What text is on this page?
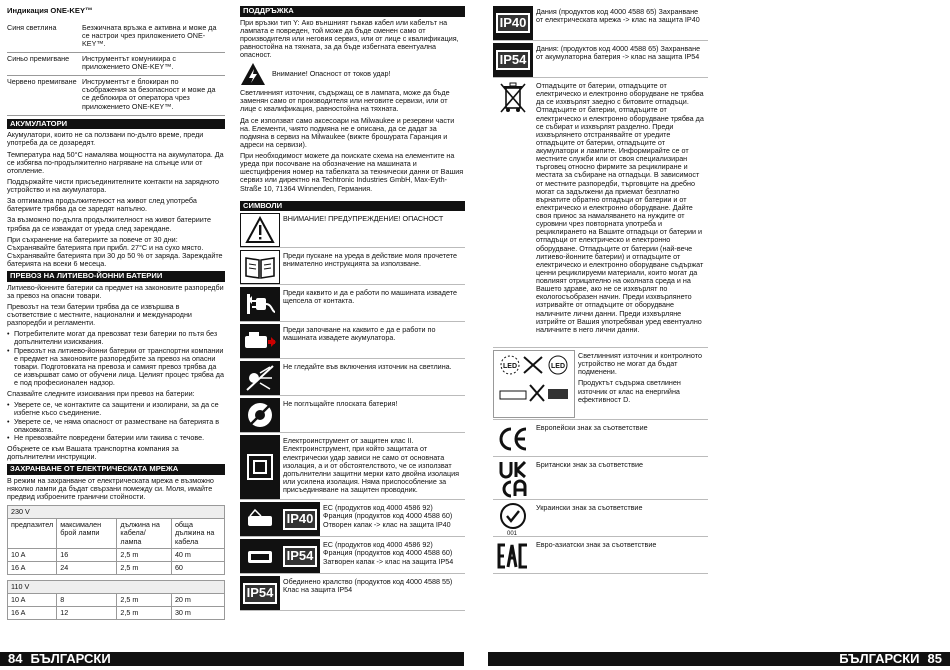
Индикация ONE-KEY™
Синя светлина	Безжичната връзка е активна и може да се настрои чрез приложението ONE-KEY™.
Синьо премигване	Инструментът комуникира с приложението ONE-KEY™.
Червено премигване Инструментът е блокиран по съображения за безопасност и може да се деблокира от оператора чрез приложението ONE-KEY™.
АКУМУЛАТОРИ

Акумулатори, които не са ползвани по-дълго време, преди употреба да се дозаредят.

Температура над 50°C намалява мощността на акумулатора. Да се избягва по-продължително нагряване на слънце или от отопление.

Поддържайте чисти присъединителните контакти на зарядното устройство и на акумулатора.

За оптимална продължителност на живот след употреба батериите трябва да се заредят напълно.

За възможно по-дълга продължителност на живот батериите трябва да се изваждат от уреда след зареждане.

При съхранение на батериите за повече от 30 дни: Съхранявайте батерията при прибл. 27°C и на сухо място. Съхранявайте батерията при 30 до 50 % от заряда. Зареждайте батерията на всеки 6 месеца.

ПРЕВОЗ НА ЛИТИЕВО-ЙОННИ БАТЕРИИ

Литиево-йонните батерии са предмет на законовите разпоредби за превоз на опасни товари.

Превозът на тези батерии трябва да се извършва в съответствие с местните, национални и международни разпоредби и регламенти.

• Потребителите могат да превозват тези батерии по пътя без допълнителни изисквания.
• Превозът на литиево-йонни батерии от транспортни компании е предмет на законовите разпоредбите за превоз на опасни товари. Подготовката на превоза и самият превоз трябва да се извършват само от обучени лица. Целият процес трябва да е под професионален надзор.

Спазвайте следните изисквания при превоз на батерии:

• Уверете се, че контактите са защитени и изолирани, за да се избегне късо съединение.
• Уверете се, че няма опасност от разместване на батерията в опаковката.
• Не превозвайте повредени батерии или такива с течове.

Обърнете се към Вашата транспортна компания за допълнителни инструкции.

ЗАХРАНВАНЕ ОТ ЕЛЕКТРИЧЕСКАТА МРЕЖА

В режим на захранване от електрическата мрежа е възможно няколко лампи да бъдат свързани помежду си. Моля, имайте предвид изброените гранични стойности.

230 V			
предпазител	максимален брой лампи	дължина на кабела/ лампа	обща дължина на кабела
10 A	16	2,5 m	40 m
16 A	24	2,5 m	60

110 V			
10 A	8	2,5 m	20 m
16 A	12	2,5 m	30 m
ПОДДРЪЖКА

При връзки тип Y: Ако външният гъвкав кабел или кабелът на лампата е повреден, той може да бъде сменен само от производителя или неговия сервиз, или от лице с квалификация, равностойна на тяхната, за да бъде избегната евентуална опасност.

Внимание! Опасност от токов удар!

Светлинният източник, съдържащ се в лампата, може да бъде заменян само от производителя или неговите сервизи, или от лице с квалификация, равностойна на тяхната.

Да се използват само аксесоари на Milwaukee и резервни части на. Елементи, чиято подмяна не е описана, да се дадат за подмяна в сервиз на Milwaukee (вижте брошурата Гаранция и адреси на сервизи).

При необходимост можете да поискате схема на елементите на уреда при посочване на обозначение на машината и шестцифрения номер на табелката за технически данни от Вашия сервиз или директно на Techtronic Industries GmbH, Max-Eyth-Straße 10, 71364 Winnenden, Германия.

СИМВОЛИ
ВНИМАНИЕ! ПРЕДУПРЕЖДЕНИЕ! ОПАСНОСТ
Преди пускане на уреда в действие моля прочетете внимателно инструкцията за използване.
Преди каквито и да е работи по машината извадете щепсела от контакта.
Преди започване на каквито е да е работи по машината извадете акумулатора.
Не гледайте във включения източник на светлина.
Не поглъщайте плоската батерия!
Електроинструмент от защитен клас II. Електроинструмент, при който защитата от електрически удар зависи не само от основната изолация, а и от обстоятелството, че се използват допълнителни защитни мерки като двойна изолация или усилена изолация. Няма приспособление за присъединяване на защитен проводник.
IP40
ЕС (продуктов код 4000 4586 92) Франция (продуктов код 4000 4588 60) Отворен капак -> клас на защита IP40
IP54
ЕС (продуктов код 4000 4586 92) Франция (продуктов код 4000 4588 60) Затворен капак -> клас на защита IP54
IP54
Обединено кралство (продуктов код 4000 4588 55) Клас на защита IP54
IP40
Дания (продуктов код 4000 4588 65) Захранване от електрическата мрежа -> клас на защита IP40
IP54
Дания: (продуктов код 4000 4588 65) Захранване от акумулаторна батерия -> клас на защита IP54
Отпадъците от батерии, отпадъците от електрическо и електронно оборудване не трябва да се изхвърлят заедно с битовите отпадъци. Отпадъците от батерии, отпадъците от електрическо и електронно оборудване трябва да се събират и изхвърлят разделно. Преди изхвърлянето отстранявайте от уредите отпадъците от батерии, отпадъците от акумулатори и лампите. Информирайте се от местните служби или от своя специализиран търговец относно фирмите за рециклиране и местата за събиране на отпадъци. В зависимост от местните разпоредби, търговците на дребно могат са задължени да приемат безплатно върнатите обратно отпадъци от батерии и от електрическо и електронно оборудване. Дайте своя принос за намаляването на нуждите от суровини чрез повторната употреба и рециклирането на Вашите отпадъци от батерии и отпадъци от електрическо и електронно оборудване. Отпадъците от батерии (най-вече литиево-йонните батерии) и отпадъците от електрическо и електронно оборудване съдържат ценни рециклируеми материали, които могат да повлияят отрицателно на околната среда и на Вашето здраве, ако не се изхвърлят по екологосъобразен начин. Преди изхвърлянето изтривайте от отпадъците от оборудване наличните лични данни. Преди изхвърляне изтрийте от Вашия употребяван уред евентуално наличните в него лични данни.
LED	LED

Светлинният източник и контролното устройство не могат да бъдат подменени.

Продуктът съдържа светлинен източник от клас на енергийна ефективност D.

Европейски знак за съответствие
Британски знак за съответствие
001
Украински знак за съответствие
Евро-азиатски знак за съответствие
84 БЪЛГАРСКИ	БЪЛГАРСКИ 85
